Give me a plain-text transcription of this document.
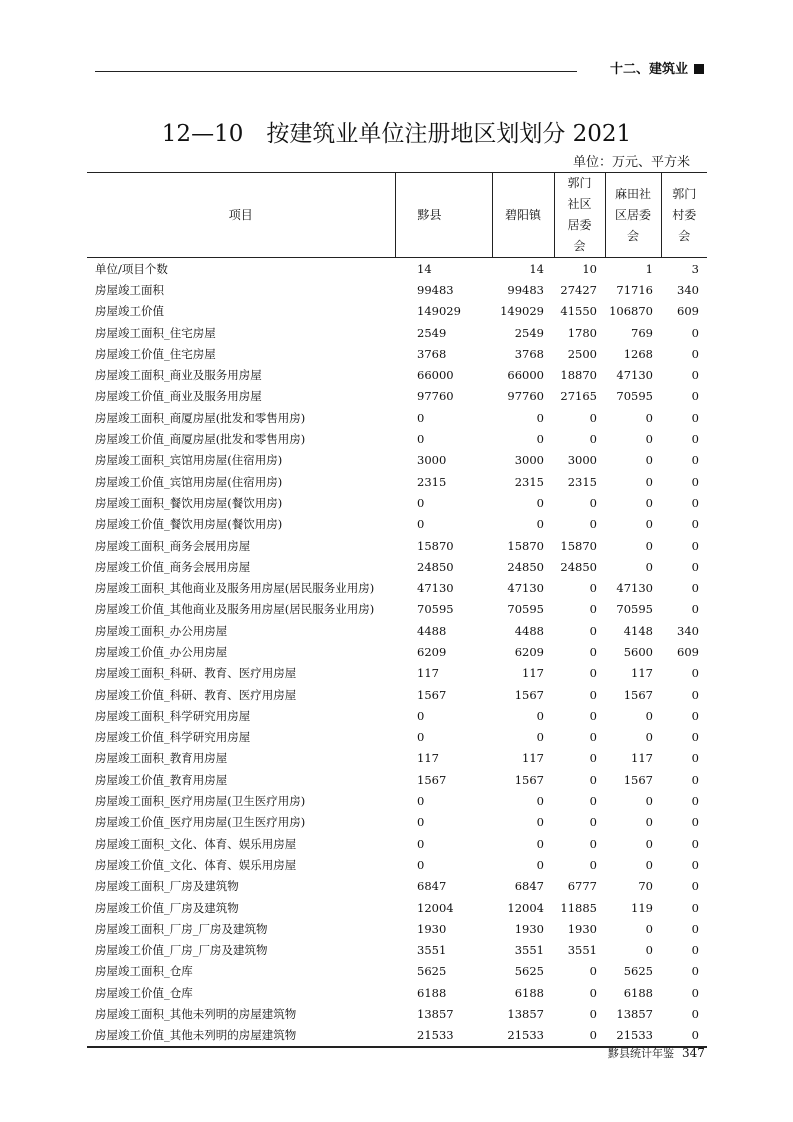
十二、建筑业
12—10　按建筑业单位注册地区划划分 2021
单位：万元、平方米
项目	黟县	碧阳镇	郭门社区居委会	麻田社区居委会	郭门村委会
单位/项目个数	14	14	10	1	3
房屋竣工面积	99483	99483	27427	71716	340
房屋竣工价值	149029	149029	41550	106870	609
房屋竣工面积_住宅房屋	2549	2549	1780	769	0
房屋竣工价值_住宅房屋	3768	3768	2500	1268	0
房屋竣工面积_商业及服务用房屋	66000	66000	18870	47130	0
房屋竣工价值_商业及服务用房屋	97760	97760	27165	70595	0
房屋竣工面积_商厦房屋(批发和零售用房)	0	0	0	0	0
房屋竣工价值_商厦房屋(批发和零售用房)	0	0	0	0	0
房屋竣工面积_宾馆用房屋(住宿用房)	3000	3000	3000	0	0
房屋竣工价值_宾馆用房屋(住宿用房)	2315	2315	2315	0	0
房屋竣工面积_餐饮用房屋(餐饮用房)	0	0	0	0	0
房屋竣工价值_餐饮用房屋(餐饮用房)	0	0	0	0	0
房屋竣工面积_商务会展用房屋	15870	15870	15870	0	0
房屋竣工价值_商务会展用房屋	24850	24850	24850	0	0
房屋竣工面积_其他商业及服务用房屋(居民服务业用房)	47130	47130	0	47130	0
房屋竣工价值_其他商业及服务用房屋(居民服务业用房)	70595	70595	0	70595	0
房屋竣工面积_办公用房屋	4488	4488	0	4148	340
房屋竣工价值_办公用房屋	6209	6209	0	5600	609
房屋竣工面积_科研、教育、医疗用房屋	117	117	0	117	0
房屋竣工价值_科研、教育、医疗用房屋	1567	1567	0	1567	0
房屋竣工面积_科学研究用房屋	0	0	0	0	0
房屋竣工价值_科学研究用房屋	0	0	0	0	0
房屋竣工面积_教育用房屋	117	117	0	117	0
房屋竣工价值_教育用房屋	1567	1567	0	1567	0
房屋竣工面积_医疗用房屋(卫生医疗用房)	0	0	0	0	0
房屋竣工价值_医疗用房屋(卫生医疗用房)	0	0	0	0	0
房屋竣工面积_文化、体育、娱乐用房屋	0	0	0	0	0
房屋竣工价值_文化、体育、娱乐用房屋	0	0	0	0	0
房屋竣工面积_厂房及建筑物	6847	6847	6777	70	0
房屋竣工价值_厂房及建筑物	12004	12004	11885	119	0
房屋竣工面积_厂房_厂房及建筑物	1930	1930	1930	0	0
房屋竣工价值_厂房_厂房及建筑物	3551	3551	3551	0	0
房屋竣工面积_仓库	5625	5625	0	5625	0
房屋竣工价值_仓库	6188	6188	0	6188	0
房屋竣工面积_其他未列明的房屋建筑物	13857	13857	0	13857	0
房屋竣工价值_其他未列明的房屋建筑物	21533	21533	0	21533	0
黟县统计年鉴 347
